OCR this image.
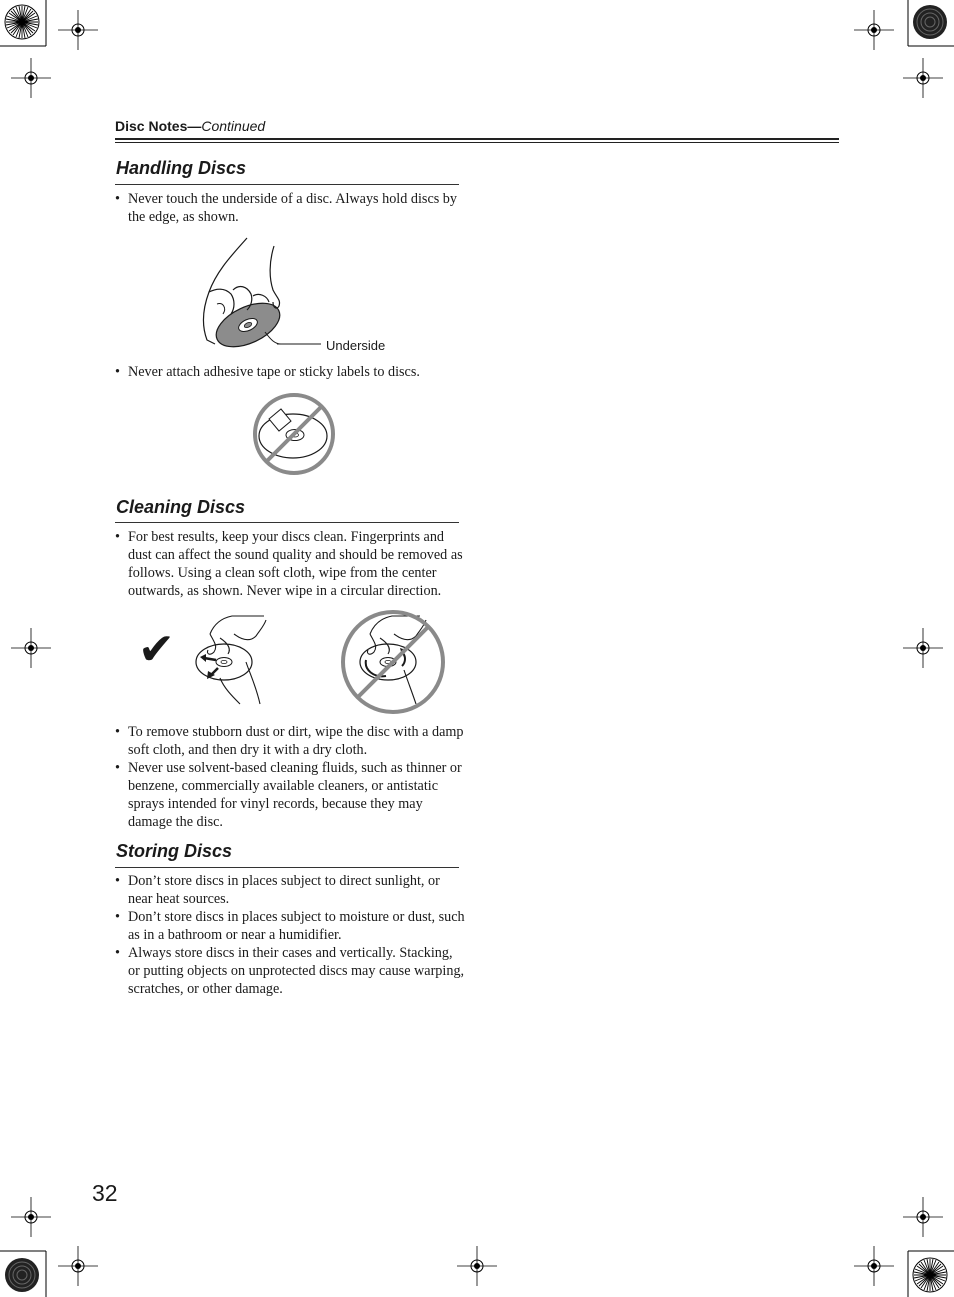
Disc Notes—Continued
Handling Discs
• Never touch the underside of a disc. Always hold discs by the edge, as shown.
Underside
• Never attach adhesive tape or sticky labels to discs.
Cleaning Discs
• For best results, keep your discs clean. Fingerprints and dust can affect the sound quality and should be removed as follows. Using a clean soft cloth, wipe from the center outwards, as shown. Never wipe in a circular direction.
✔
• To remove stubborn dust or dirt, wipe the disc with a damp soft cloth, and then dry it with a dry cloth.
• Never use solvent-based cleaning fluids, such as thinner or benzene, commercially available cleaners, or antistatic sprays intended for vinyl records, because they may damage the disc.
Storing Discs
• Don’t store discs in places subject to direct sunlight, or near heat sources.
• Don’t store discs in places subject to moisture or dust, such as in a bathroom or near a humidifier.
• Always store discs in their cases and vertically. Stacking, or putting objects on unprotected discs may cause warping, scratches, or other damage.
32
